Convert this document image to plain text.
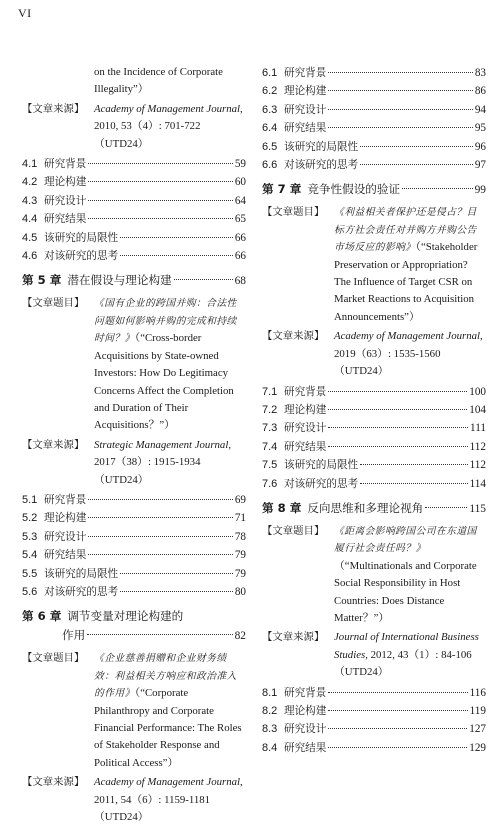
VI
on the Incidence of Corporate Illegality”）
【文章来源】 Academy of Management Journal, 2010, 53（4）: 701-722（UTD24）
4.1 研究背景	59
4.2 理论构建	60
4.3 研究设计	64
4.4 研究结果	65
4.5 该研究的局限性	66
4.6 对该研究的思考	66
第 5 章 潜在假设与理论构建	68
【文章题目】 《国有企业的跨国并购：合法性问题如何影响并购的完成和持续时间？》（“Cross-border Acquisitions by State-owned Investors: How Do Legitimacy Concerns Affect the Completion and Duration of Their Acquisitions？”）
【文章来源】 Strategic Management Journal, 2017（38）: 1915-1934（UTD24）
5.1 研究背景	69
5.2 理论构建	71
5.3 研究设计	78
5.4 研究结果	79
5.5 该研究的局限性	79
5.6 对该研究的思考	80
第 6 章 调节变量对理论构建的
作用	82
【文章题目】 《企业慈善捐赠和企业财务绩效：利益相关方响应和政治准入的作用》（“Corporate Philanthropy and Corporate Financial Performance: The Roles of Stakeholder Response and Political Access”）
【文章来源】 Academy of Management Journal, 2011, 54（6）: 1159-1181（UTD24）
6.1 研究背景	83
6.2 理论构建	86
6.3 研究设计	94
6.4 研究结果	95
6.5 该研究的局限性	96
6.6 对该研究的思考	97
第 7 章 竞争性假设的验证	99
【文章题目】 《利益相关者保护还是侵占？目标方社会责任对并购方并购公告市场反应的影响》（“Stakeholder Preservation or Appropriation? The Influence of Target CSR on Market Reactions to Acquisition Announcements”）
【文章来源】 Academy of Management Journal, 2019（63）: 1535-1560（UTD24）
7.1 研究背景	100
7.2 理论构建	104
7.3 研究设计	111
7.4 研究结果	112
7.5 该研究的局限性	112
7.6 对该研究的思考	114
第 8 章 反向思维和多理论视角	115
【文章题目】 《距离会影响跨国公司在东道国履行社会责任吗？》（“Multinationals and Corporate Social Responsibility in Host Countries: Does Distance Matter？”）
【文章来源】 Journal of International Business Studies, 2012, 43（1）: 84-106（UTD24）
8.1 研究背景	116
8.2 理论构建	119
8.3 研究设计	127
8.4 研究结果	129
